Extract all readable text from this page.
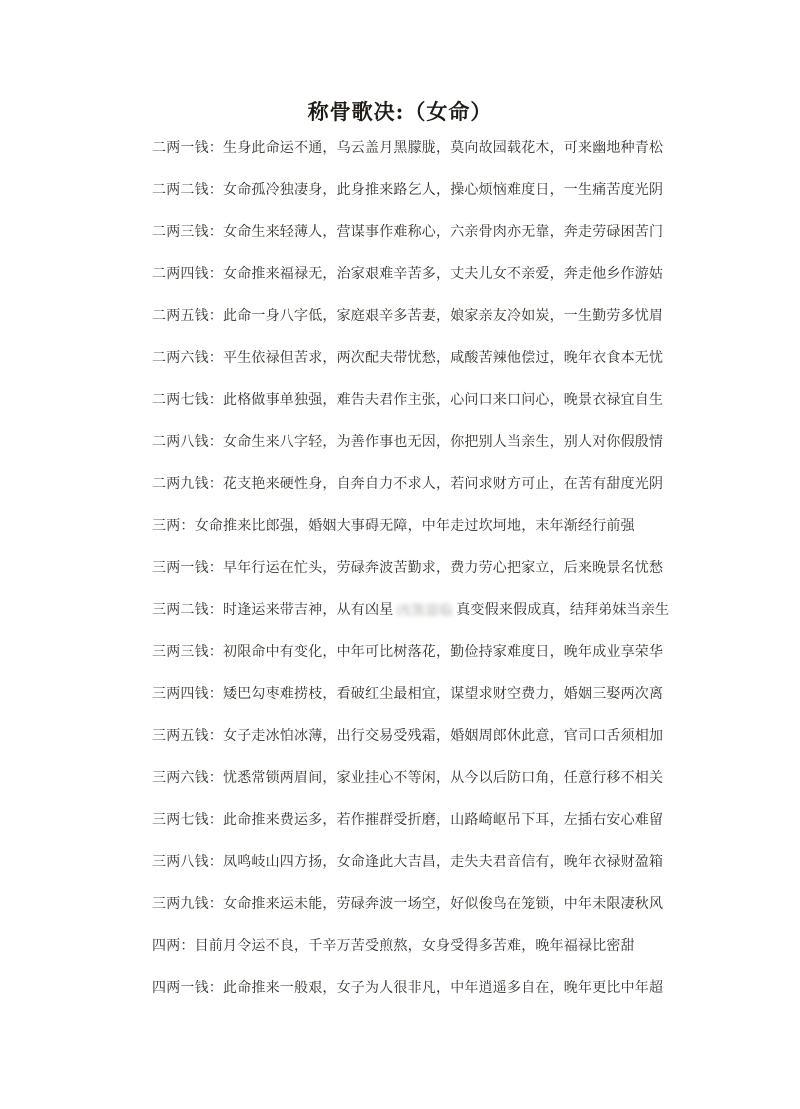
称骨歌决:（女命）

二两一钱：生身此命运不通，乌云盖月黑朦胧，莫向故园载花木，可来幽地种青松

二两二钱：女命孤冷独凄身，此身推来路乞人，操心烦恼难度日，一生痛苦度光阴

二两三钱：女命生来轻薄人，营谋事作难称心，六亲骨肉亦无靠，奔走劳碌困苦门

二两四钱：女命推来福禄无，治家艰难辛苦多，丈夫儿女不亲爱，奔走他乡作游姑

二两五钱：此命一身八字低，家庭艰辛多苦妻，娘家亲友冷如炭，一生勤劳多忧眉

二两六钱：平生依禄但苦求，两次配夫带忧愁，咸酸苦辣他偿过，晚年衣食本无忧

二两七钱：此格做事单独强，难告夫君作主张，心问口来口问心，晚景衣禄宜自生

二两八钱：女命生来八字轻，为善作事也无因，你把别人当亲生，别人对你假殷情

二两九钱：花支艳来硬性身，自奔自力不求人，若问求财方可止，在苦有甜度光阴

三两：女命推来比郎强，婚姻大事碍无障，中年走过坎坷地，末年渐经行前强

三两一钱：早年行运在忙头，劳碌奔波苦勤求，费力劳心把家立，后来晚景名忧愁

三两二钱：时逢运来带吉神，从有凶星 凶煞退临 真变假来假成真，结拜弟妹当亲生

三两三钱：初限命中有变化，中年可比树落花，勤俭持家难度日，晚年成业享荣华

三两四钱：矮巴勾枣难捞枝，看破红尘最相宜，谋望求财空费力，婚姻三娶两次离

三两五钱：女子走冰怕冰薄，出行交易受残霜，婚姻周郎休此意，官司口舌须相加

三两六钱：忧悉常锁两眉间，家业挂心不等闲，从今以后防口角，任意行移不相关

三两七钱：此命推来费运多，若作摧群受折磨，山路崎岖吊下耳，左插右安心难留

三两八钱：凤鸣岐山四方扬，女命逢此大吉昌，走失夫君音信有，晚年衣禄财盈箱

三两九钱：女命推来运未能，劳碌奔波一场空，好似俊鸟在笼锁，中年未限凄秋风

四两：目前月令运不良，千辛万苦受煎熬，女身受得多苦难，晚年福禄比密甜

四两一钱：此命推来一般艰，女子为人很非凡，中年逍遥多自在，晚年更比中年超
